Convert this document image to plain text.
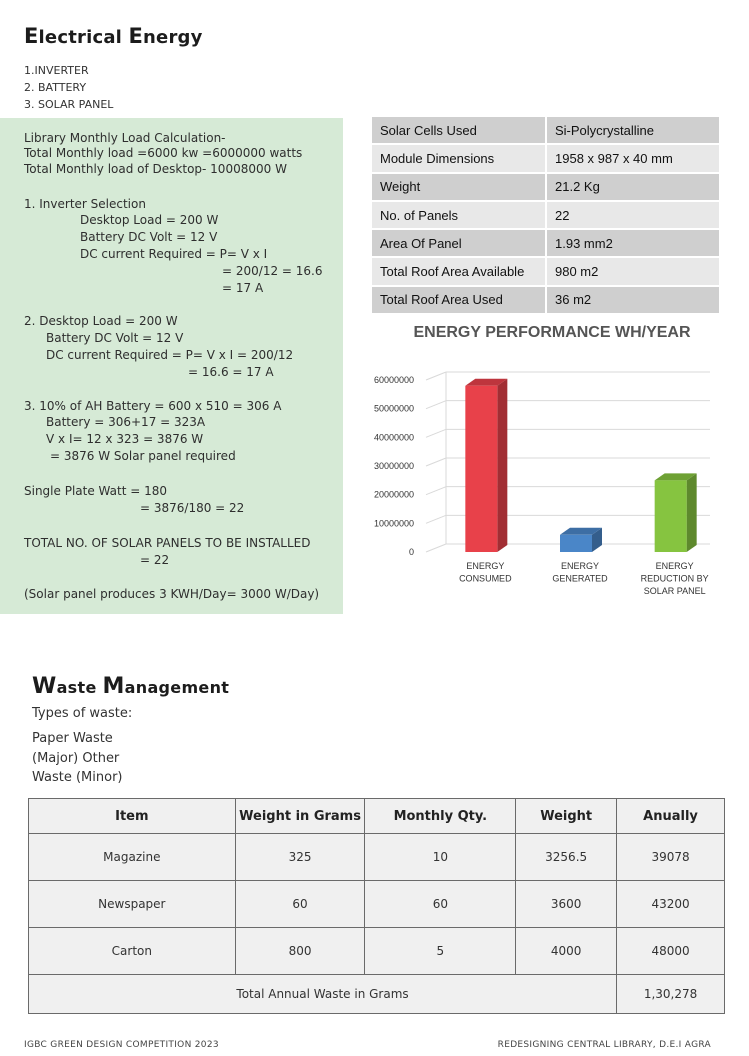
Electrical Energy
1.INVERTER
2. BATTERY
3. SOLAR PANEL
Library Monthly Load Calculation-
Total Monthly load =6000 kw =6000000 watts
Total Monthly load of Desktop- 10008000 W
1. Inverter Selection
Desktop Load = 200 W
Battery DC Volt = 12 V
DC current Required = P= V x I
= 200/12 = 16.6
= 17 A
2. Desktop Load = 200 W
Battery DC Volt = 12 V
DC current Required = P= V x I = 200/12
= 16.6 = 17 A
3. 10% of AH Battery = 600 x 510 = 306 A
Battery = 306+17 = 323A
V x I= 12 x 323 = 3876 W
= 3876 W Solar panel required
Single Plate Watt = 180
= 3876/180 = 22
TOTAL NO. OF SOLAR PANELS TO BE INSTALLED
= 22
(Solar panel produces 3 KWH/Day= 3000 W/Day)
Solar Cells Used	Si-Polycrystalline
Module Dimensions	1958 x 987 x 40 mm
Weight	21.2 Kg
No. of Panels	22
Area Of Panel	1.93 mm2
Total Roof Area Available	980 m2
Total Roof Area Used	36 m2
ENERGY PERFORMANCE WH/YEAR
0
10000000
20000000
30000000
40000000
50000000
60000000
ENERGY
CONSUMED
ENERGY
GENERATED
ENERGY
REDUCTION BY
SOLAR PANEL
Waste Management
Types of waste:
Paper Waste
(Major) Other
Waste (Minor)
Item	Weight in Grams	Monthly Qty.	Weight	Anually
Magazine	325	10	3256.5	39078
Newspaper	60	60	3600	43200
Carton	800	5	4000	48000
Total Annual Waste in Grams				1,30,278
IGBC GREEN DESIGN COMPETITION 2023	REDESIGNING CENTRAL LIBRARY, D.E.I AGRA
